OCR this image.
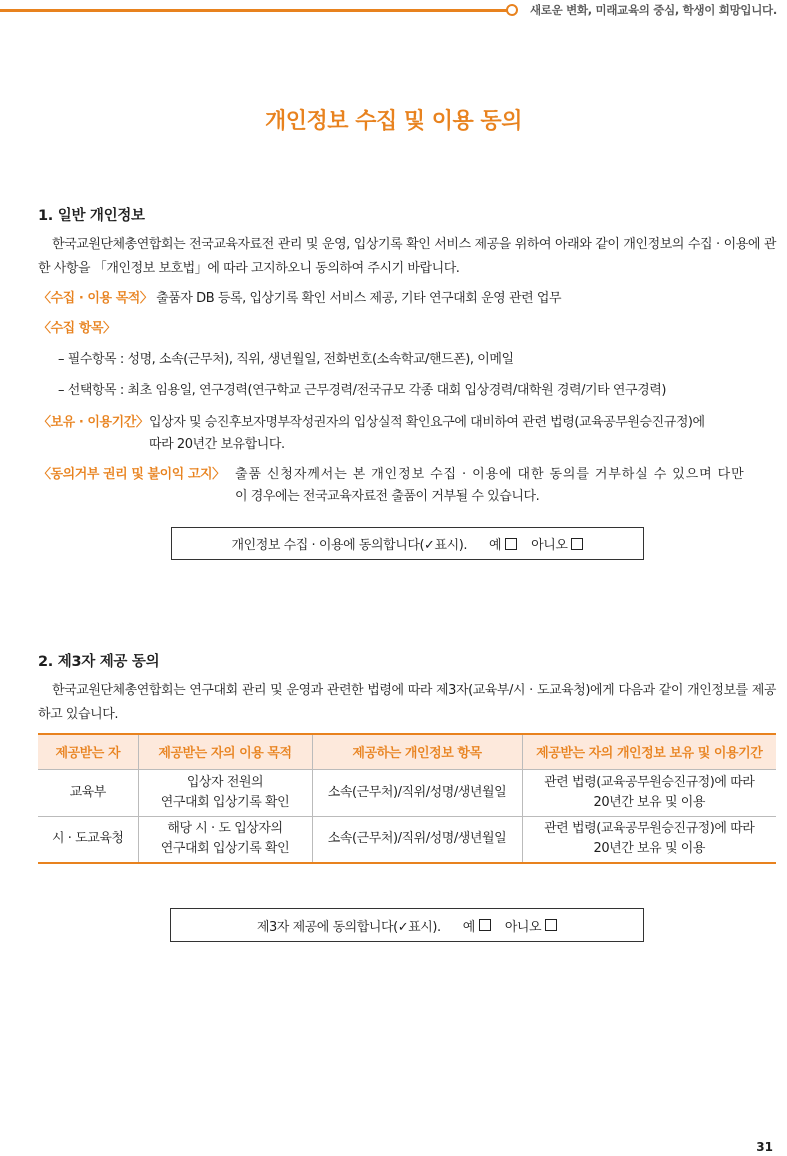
새로운 변화, 미래교육의 중심, 학생이 희망입니다.
개인정보 수집 및 이용 동의
1. 일반 개인정보
한국교원단체총연합회는 전국교육자료전 관리 및 운영, 입상기록 확인 서비스 제공을 위하여 아래와 같이 개인정보의 수집 · 이용에 관한 사항을 「개인정보 보호법」에 따라 고지하오니 동의하여 주시기 바랍니다.
〈수집 · 이용 목적〉 출품자 DB 등록, 입상기록 확인 서비스 제공, 기타 연구대회 운영 관련 업무
〈수집 항목〉
– 필수항목 : 성명, 소속(근무처), 직위, 생년월일, 전화번호(소속학교/핸드폰), 이메일
– 선택항목 : 최초 임용일, 연구경력(연구학교 근무경력/전국규모 각종 대회 입상경력/대학원 경력/기타 연구경력)
〈보유 · 이용기간〉 입상자 및 승진후보자명부작성권자의 입상실적 확인요구에 대비하여 관련 법령(교육공무원승진규정)에
따라 20년간 보유합니다.
〈동의거부 권리 및 불이익 고지〉 출품 신청자께서는 본 개인정보 수집 · 이용에 대한 동의를 거부하실 수 있으며 다만
이 경우에는 전국교육자료전 출품이 거부될 수 있습니다.
개인정보 수집 · 이용에 동의합니다(✓표시). 예 아니오
2. 제3자 제공 동의
한국교원단체총연합회는 연구대회 관리 및 운영과 관련한 법령에 따라 제3자(교육부/시 · 도교육청)에게 다음과 같이 개인정보를 제공하고 있습니다.
제공받는 자	제공받는 자의 이용 목적	제공하는 개인정보 항목	제공받는 자의 개인정보 보유 및 이용기간
교육부	입상자 전원의
연구대회 입상기록 확인	소속(근무처)/직위/성명/생년월일	관련 법령(교육공무원승진규정)에 따라
20년간 보유 및 이용
시 · 도교육청	해당 시 · 도 입상자의
연구대회 입상기록 확인	소속(근무처)/직위/성명/생년월일	관련 법령(교육공무원승진규정)에 따라
20년간 보유 및 이용
제3자 제공에 동의합니다(✓표시). 예 아니오
31
